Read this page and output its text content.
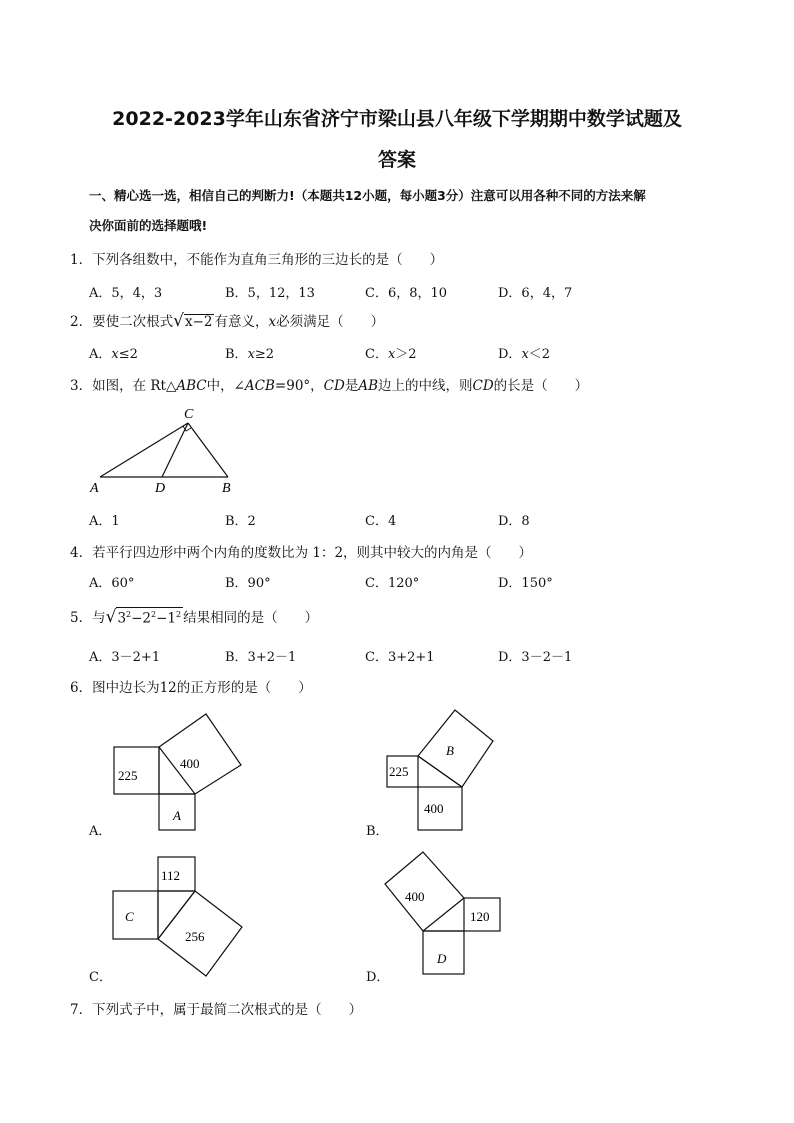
2022-2023学年山东省济宁市梁山县八年级下学期期中数学试题及
答案
一、精心选一选，相信自己的判断力!（本题共12小题，每小题3分）注意可以用各种不同的方法来解
决你面前的选择题哦!
1．下列各组数中，不能作为直角三角形的三边长的是（　　）
A．5，4，3	B．5，12，13	C．6，8，10	D．6，4，7
2．要使二次根式√x−2 有意义，x必须满足（　　）
A．x≤2	B．x≥2	C．x＞2	D．x＜2
3．如图，在 Rt△ABC中，∠ACB=90°，CD是AB边上的中线，则CD的长是（　　）
C
A	D	B
A．1	B．2	C．4	D．8
4．若平行四边形中两个内角的度数比为 1：2，则其中较大的内角是（　　）
A．60°	B．90°	C．120°	D．150°
5．与$√3^2-2^2-1^2$ 结果相同的是（　　）
A．3－2+1	B．3+2－1	C．3+2+1	D．3－2－1
6．图中边长为12的正方形的是（　　）
225
400
A
225
B
400
112
C
256
400
120
D
A．	B．
C．	D．
7．下列式子中，属于最简二次根式的是（　　）
